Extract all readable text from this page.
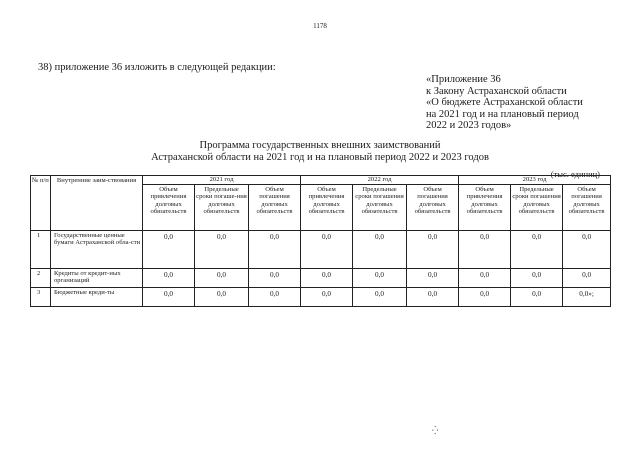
1178
38) приложение 36 изложить в следующей редакции:
«Приложение 36
к Закону Астраханской области
«О бюджете Астраханской области
на 2021 год и на плановый период
2022 и 2023 годов»
Программа государственных внешних заимствований
Астраханской области на 2021 год и на плановый период 2022 и 2023 годов
(тыс. единиц)
№ п/п	Внутренние заим-ствования	2021 год			2022 год			2023 год		
		Объем привлечения долговых обязательств	Предельные сроки погаше-ния долговых обязательств	Объем погашения долговых обязательств	Объем привлечения долговых обязательств	Предельные сроки погашения долговых обязательств	Объем погашения долговых обязательств	Объем привлечения долговых обязательств	Предельные сроки погашения долговых обязательств	Объем погашения долговых обязательств
1	Государственные ценные бумаги Астраханской обла-сти	0,0	0,0	0,0	0,0	0,0	0,0	0,0	0,0	0,0
2	Кредиты от кредит-ных организаций	0,0	0,0	0,0	0,0	0,0	0,0	0,0	0,0	0,0
3	Бюджетные креди-ты	0,0	0,0	0,0	0,0	0,0	0,0	0,0	0,0	0,0»;
⁛
